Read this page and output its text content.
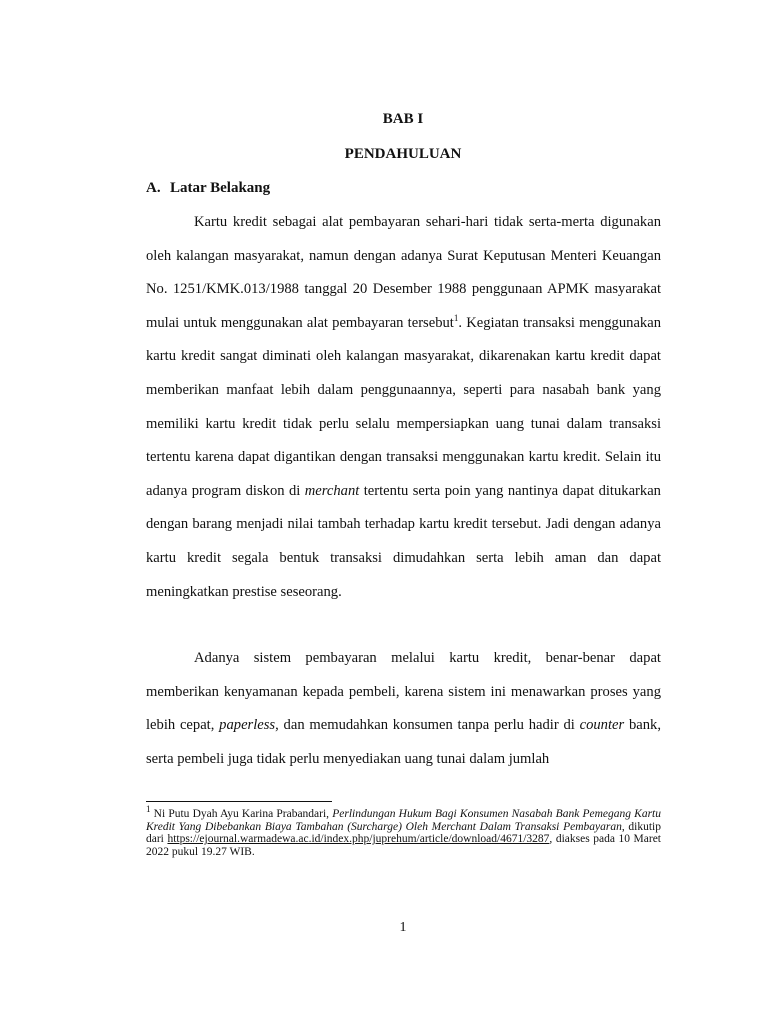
BAB I
PENDAHULUAN
A. Latar Belakang

Kartu kredit sebagai alat pembayaran sehari-hari tidak serta-merta digunakan oleh kalangan masyarakat, namun dengan adanya Surat Keputusan Menteri Keuangan No. 1251/KMK.013/1988 tanggal 20 Desember 1988 penggunaan APMK masyarakat mulai untuk menggunakan alat pembayaran tersebut$^1$. Kegiatan transaksi menggunakan kartu kredit sangat diminati oleh kalangan masyarakat, dikarenakan kartu kredit dapat memberikan manfaat lebih dalam penggunaannya, seperti para nasabah bank yang memiliki kartu kredit tidak perlu selalu mempersiapkan uang tunai dalam transaksi tertentu karena dapat digantikan dengan transaksi menggunakan kartu kredit. Selain itu adanya program diskon di merchant tertentu serta poin yang nantinya dapat ditukarkan dengan barang menjadi nilai tambah terhadap kartu kredit tersebut. Jadi dengan adanya kartu kredit segala bentuk transaksi dimudahkan serta lebih aman dan dapat meningkatkan prestise seseorang.

Adanya sistem pembayaran melalui kartu kredit, benar-benar dapat memberikan kenyamanan kepada pembeli, karena sistem ini menawarkan proses yang lebih cepat, paperless, dan memudahkan konsumen tanpa perlu hadir di counter bank, serta pembeli juga tidak perlu menyediakan uang tunai dalam jumlah

$^1$ Ni Putu Dyah Ayu Karina Prabandari, Perlindungan Hukum Bagi Konsumen Nasabah Bank Pemegang Kartu Kredit Yang Dibebankan Biaya Tambahan (Surcharge) Oleh Merchant Dalam Transaksi Pembayaran, dikutip dari https://ejournal.warmadewa.ac.id/index.php/juprehum/article/download/4671/3287, diakses pada 10 Maret 2022 pukul 19.27 WIB.

1
